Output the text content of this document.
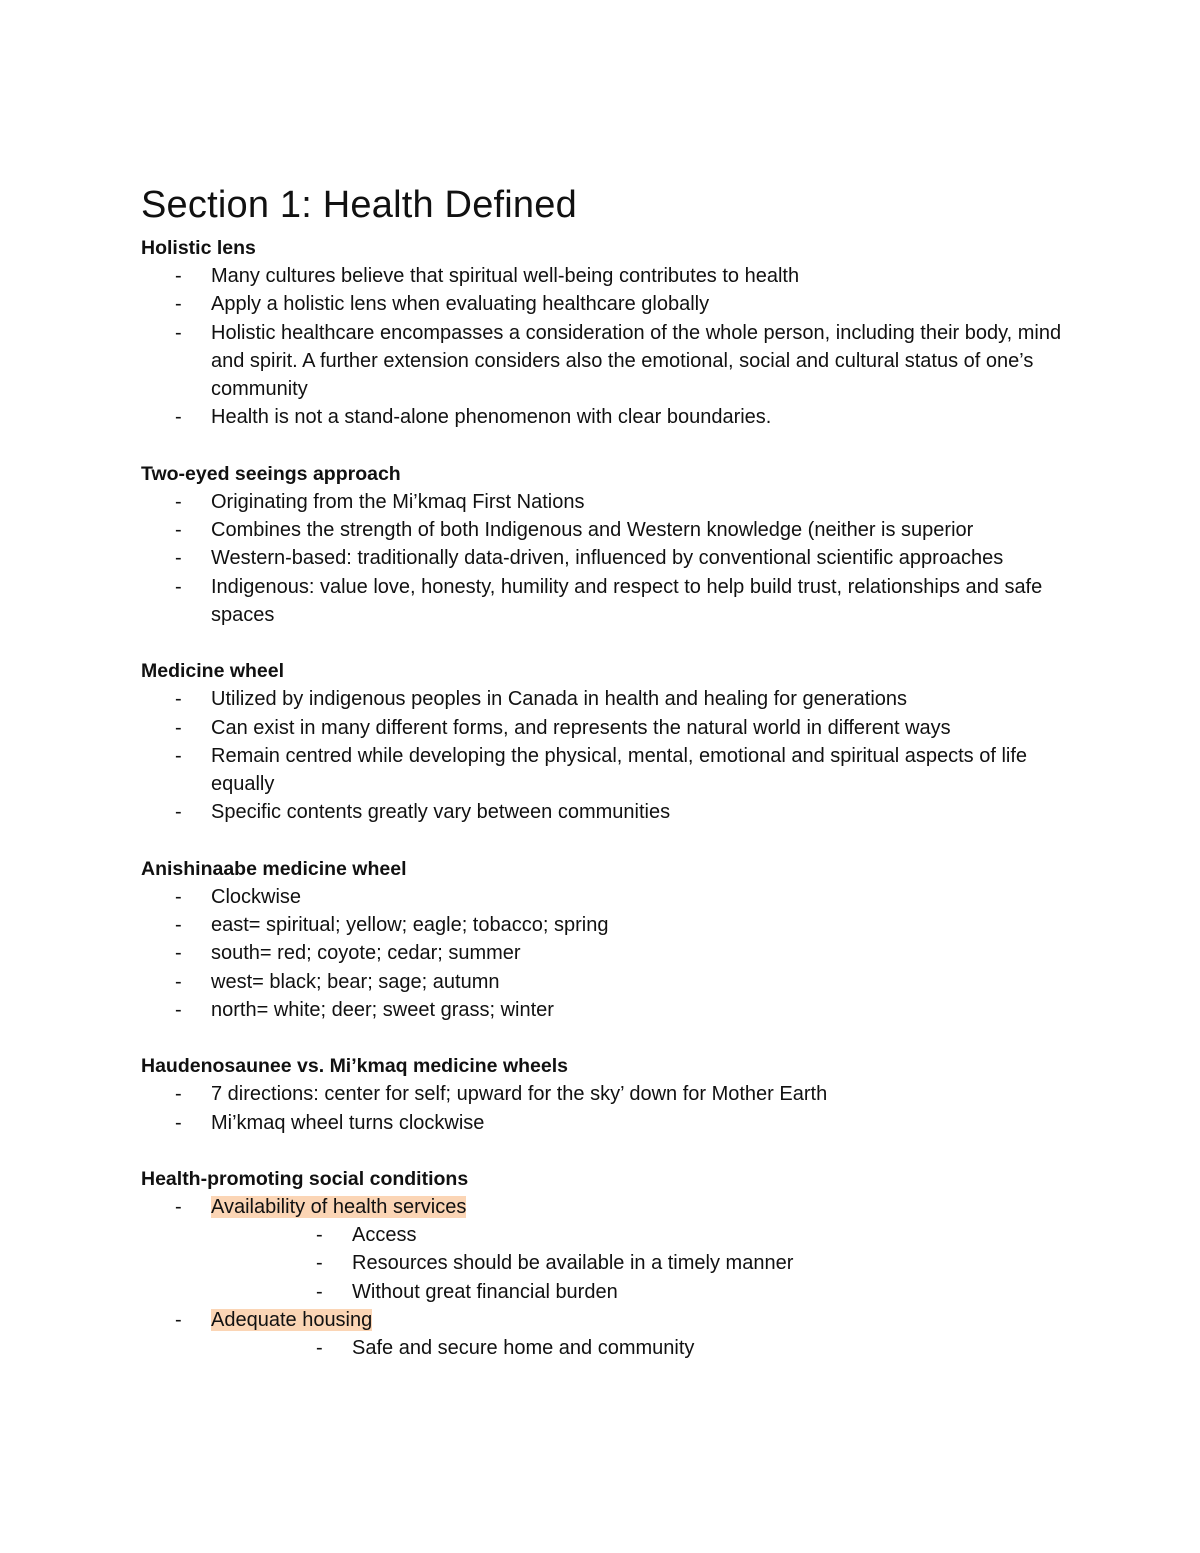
Section 1: Health Defined
Holistic lens
- Many cultures believe that spiritual well-being contributes to health
- Apply a holistic lens when evaluating healthcare globally
- Holistic healthcare encompasses a consideration of the whole person, including their body, mind and spirit. A further extension considers also the emotional, social and cultural status of one’s community
- Health is not a stand-alone phenomenon with clear boundaries.
Two-eyed seeings approach
- Originating from the Mi’kmaq First Nations
- Combines the strength of both Indigenous and Western knowledge (neither is superior
- Western-based: traditionally data-driven, influenced by conventional scientific approaches
- Indigenous: value love, honesty, humility and respect to help build trust, relationships and safe spaces
Medicine wheel
- Utilized by indigenous peoples in Canada in health and healing for generations
- Can exist in many different forms, and represents the natural world in different ways
- Remain centred while developing the physical, mental, emotional and spiritual aspects of life equally
- Specific contents greatly vary between communities
Anishinaabe medicine wheel
- Clockwise
- east= spiritual; yellow; eagle; tobacco; spring
- south= red; coyote; cedar; summer
- west= black; bear; sage; autumn
- north= white; deer; sweet grass; winter
Haudenosaunee vs. Mi’kmaq medicine wheels
- 7 directions: center for self; upward for the sky’ down for Mother Earth
- Mi’kmaq wheel turns clockwise
Health-promoting social conditions
- Availability of health services
- Access
- Resources should be available in a timely manner
- Without great financial burden
- Adequate housing
- Safe and secure home and community
